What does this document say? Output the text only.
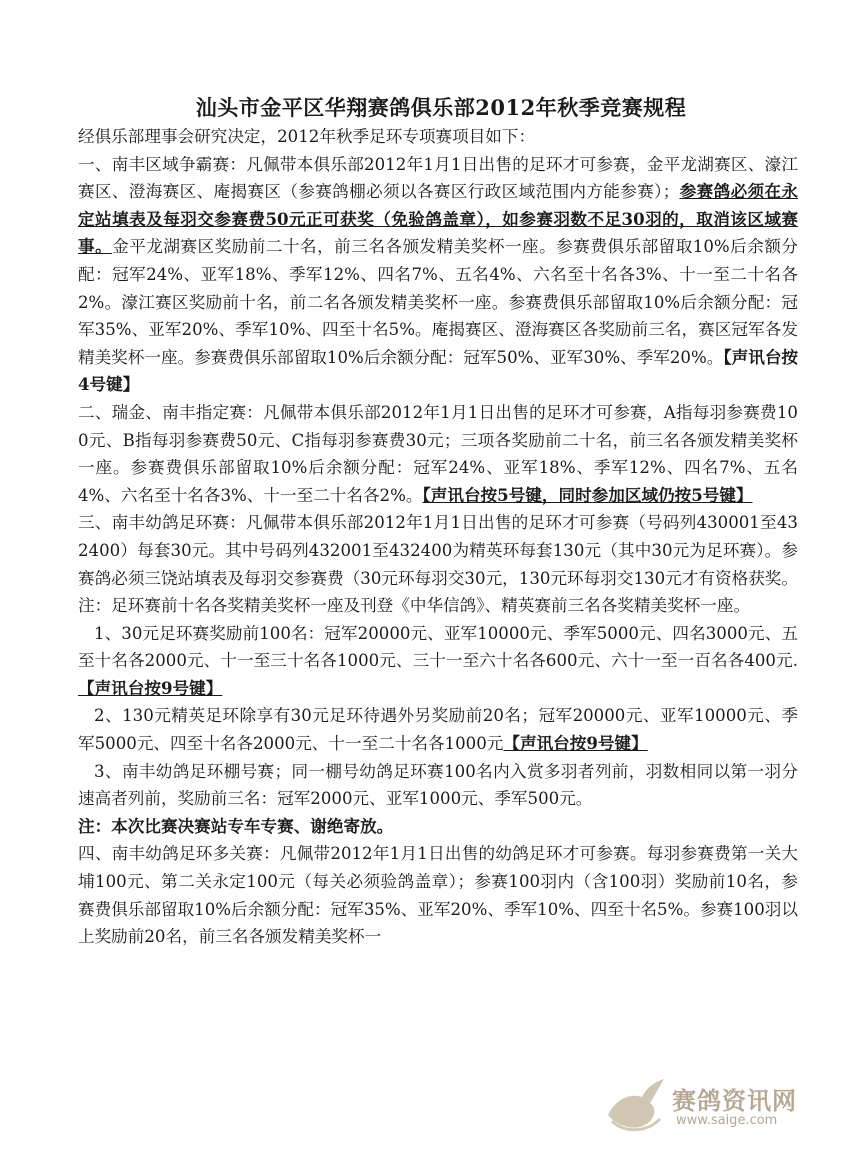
汕头市金平区华翔赛鸽俱乐部2012年秋季竞赛规程

经俱乐部理事会研究决定，2012年秋季足环专项赛项目如下：

一、南丰区域争霸赛：凡佩带本俱乐部2012年1月1日出售的足环才可参赛，金平龙湖赛区、濠江赛区、澄海赛区、庵揭赛区（参赛鸽棚必须以各赛区行政区域范围内方能参赛）；参赛鸽必须在永定站填表及每羽交参赛费50元正可获奖（免验鸽盖章），如参赛羽数不足30羽的，取消该区域赛事。金平龙湖赛区奖励前二十名，前三名各颁发精美奖杯一座。参赛费俱乐部留取10%后余额分配：冠军24%、亚军18%、季军12%、四名7%、五名4%、六名至十名各3%、十一至二十名各2%。濠江赛区奖励前十名，前二名各颁发精美奖杯一座。参赛费俱乐部留取10%后余额分配：冠军35%、亚军20%、季军10%、四至十名5%。庵揭赛区、澄海赛区各奖励前三名，赛区冠军各发精美奖杯一座。参赛费俱乐部留取10%后余额分配：冠军50%、亚军30%、季军20%。【声讯台按4号键】

二、瑞金、南丰指定赛：凡佩带本俱乐部2012年1月1日出售的足环才可参赛，A指每羽参赛费100元、B指每羽参赛费50元、C指每羽参赛费30元；三项各奖励前二十名，前三名各颁发精美奖杯一座。参赛费俱乐部留取10%后余额分配：冠军24%、亚军18%、季军12%、四名7%、五名4%、六名至十名各3%、十一至二十名各2%。【声讯台按5号键，同时参加区域仍按5号键】

三、南丰幼鸽足环赛：凡佩带本俱乐部2012年1月1日出售的足环才可参赛（号码列430001至432400）每套30元。其中号码列432001至432400为精英环每套130元（其中30元为足环赛）。参赛鸽必须三饶站填表及每羽交参赛费（30元环每羽交30元，130元环每羽交130元才有资格获奖。注：足环赛前十名各奖精美奖杯一座及刊登《中华信鸽》、精英赛前三名各奖精美奖杯一座。

1、30元足环赛奖励前100名：冠军20000元、亚军10000元、季军5000元、四名3000元、五至十名各2000元、十一至三十名各1000元、三十一至六十名各600元、六十一至一百名各400元.【声讯台按9号键】

2、130元精英足环除享有30元足环待遇外另奖励前20名；冠军20000元、亚军10000元、季军5000元、四至十名各2000元、十一至二十名各1000元【声讯台按9号键】

3、南丰幼鸽足环棚号赛；同一棚号幼鸽足环赛100名内入赏多羽者列前，羽数相同以第一羽分速高者列前，奖励前三名：冠军2000元、亚军1000元、季军500元。

注：本次比赛决赛站专车专赛、谢绝寄放。

四、南丰幼鸽足环多关赛：凡佩带2012年1月1日出售的幼鸽足环才可参赛。每羽参赛费第一关大埔100元、第二关永定100元（每关必须验鸽盖章）；参赛100羽内（含100羽）奖励前10名，参赛费俱乐部留取10%后余额分配：冠军35%、亚军20%、季军10%、四至十名5%。参赛100羽以上奖励前20名，前三名各颁发精美奖杯一

赛鸽资讯网
www.saige.com
